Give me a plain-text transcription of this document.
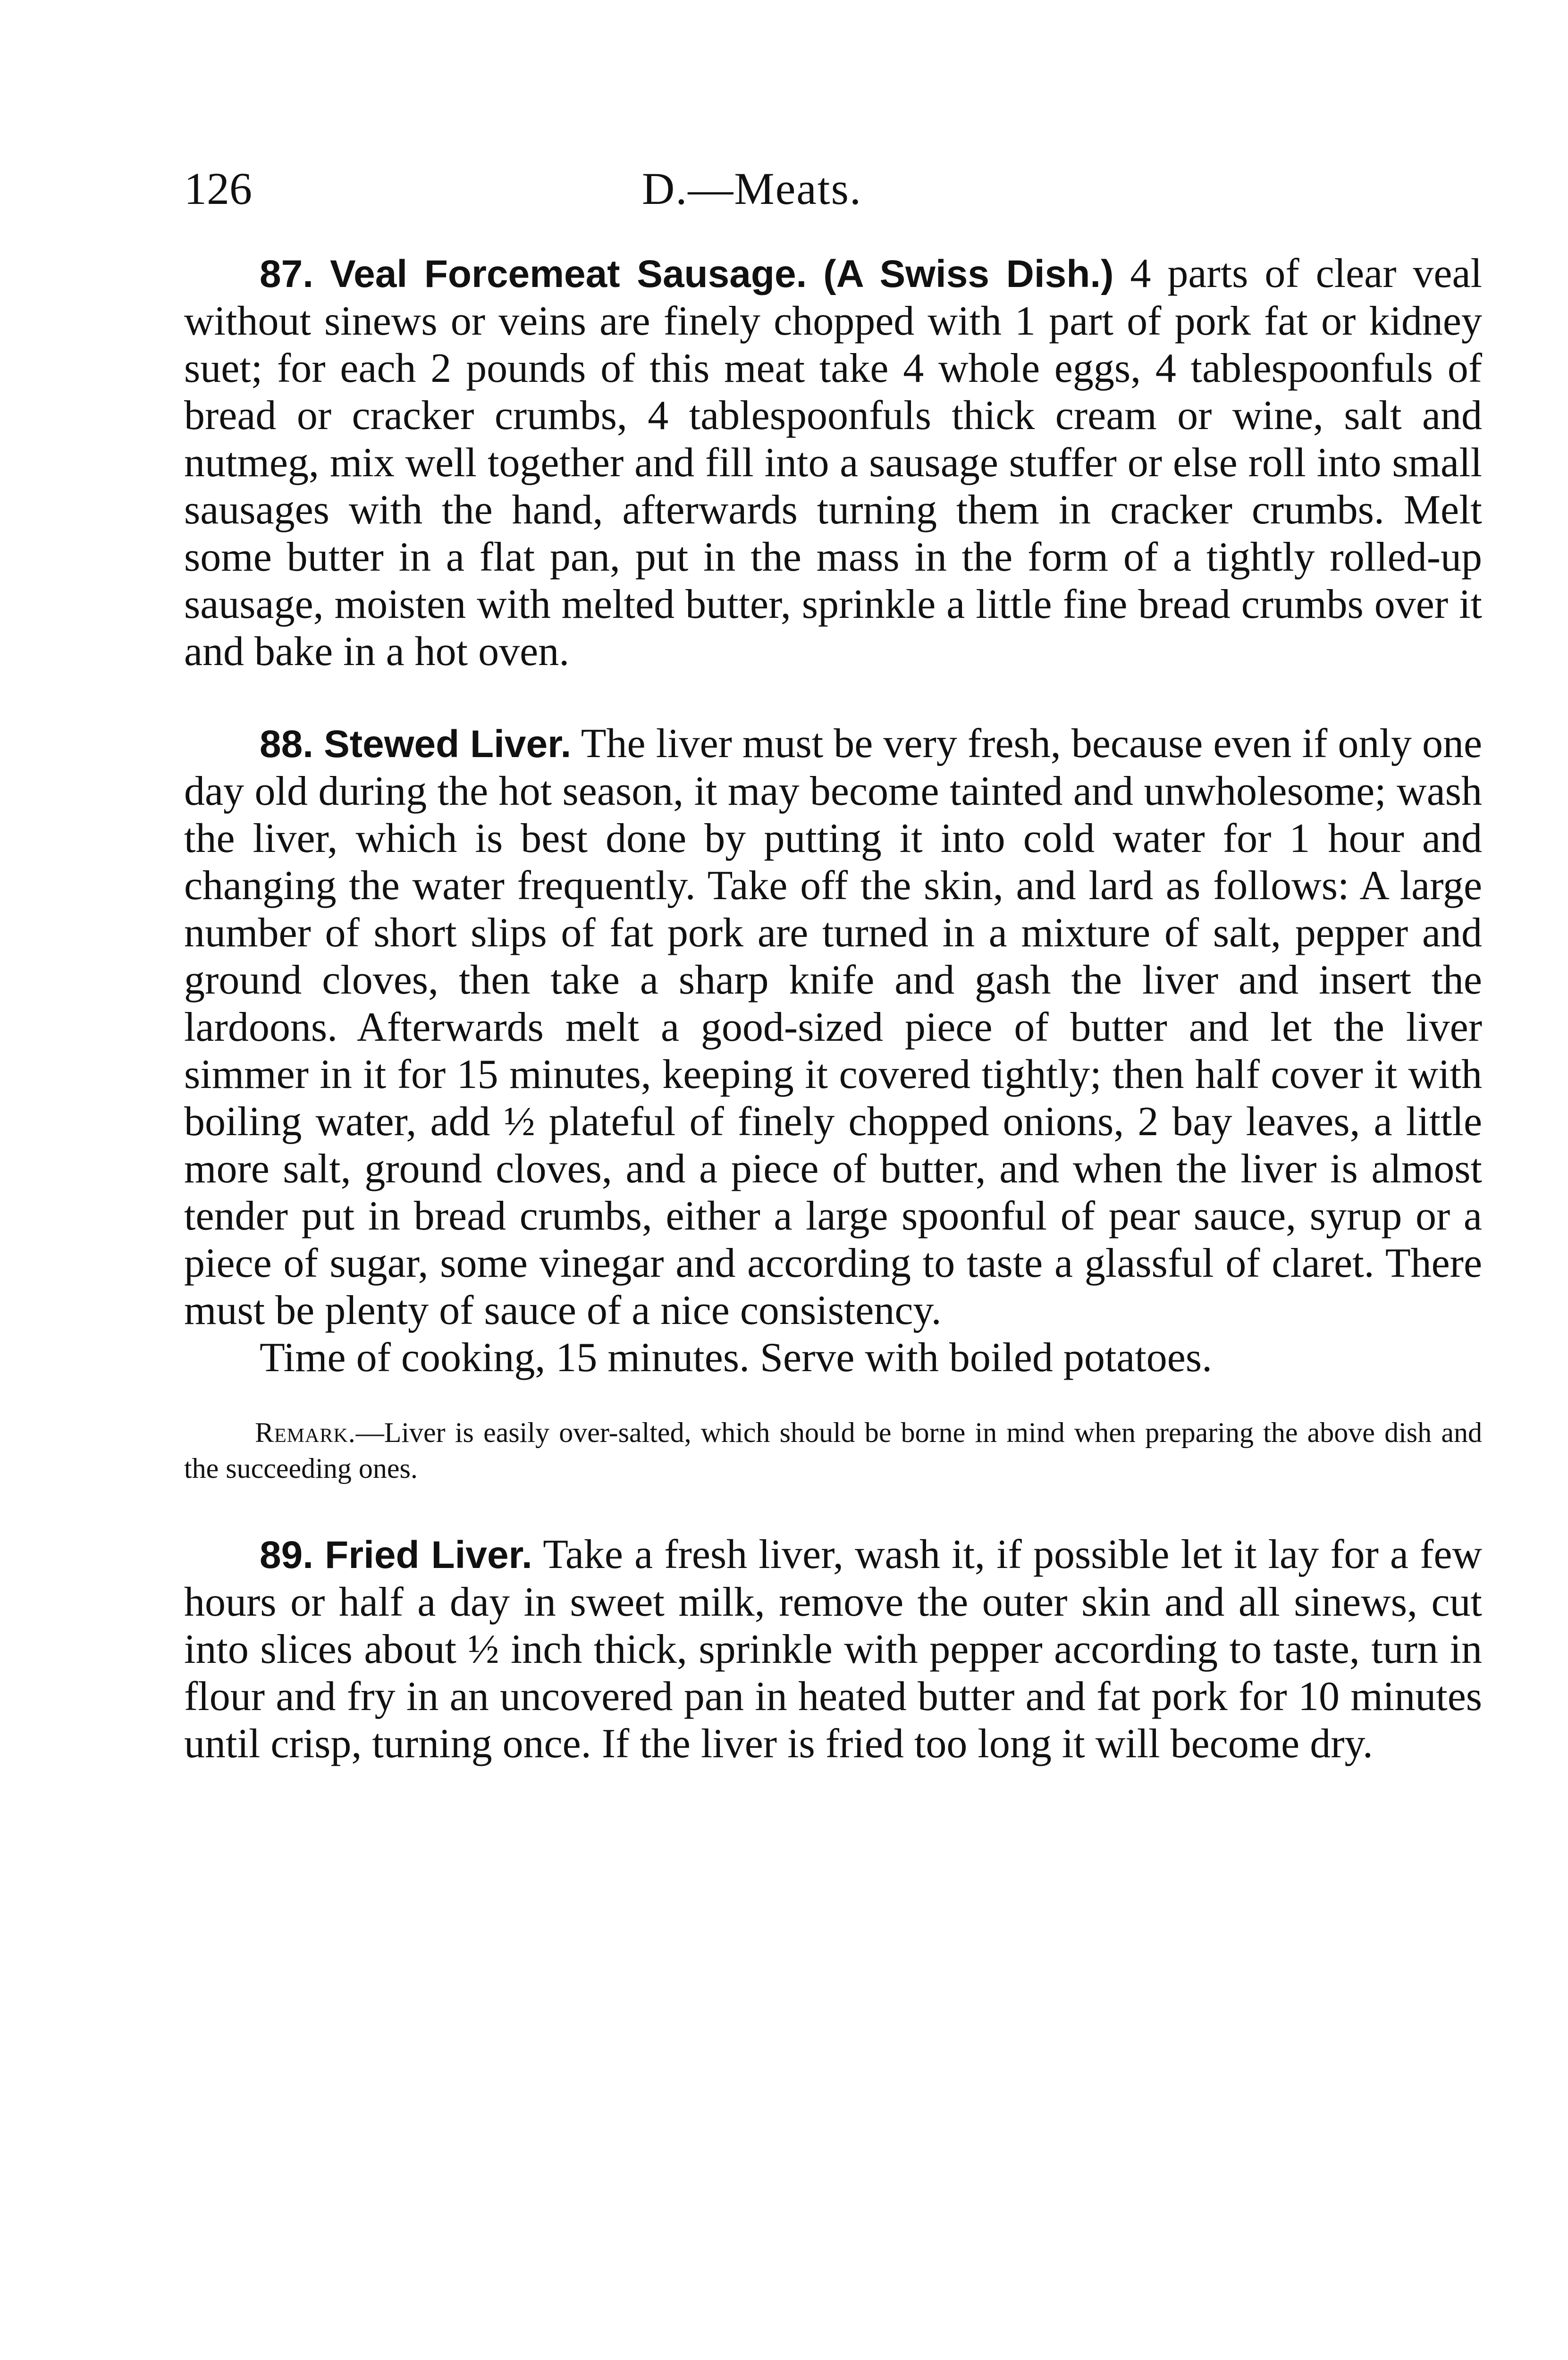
126	D.—Meats.

87. Veal Forcemeat Sausage. (A Swiss Dish.) 4 parts of clear veal without sinews or veins are finely chopped with 1 part of pork fat or kidney suet; for each 2 pounds of this meat take 4 whole eggs, 4 tablespoonfuls of bread or cracker crumbs, 4 tablespoonfuls thick cream or wine, salt and nutmeg, mix well together and fill into a sausage stuffer or else roll into small sausages with the hand, afterwards turning them in cracker crumbs. Melt some butter in a flat pan, put in the mass in the form of a tightly rolled-up sausage, moisten with melted butter, sprinkle a little fine bread crumbs over it and bake in a hot oven.

88. Stewed Liver. The liver must be very fresh, because even if only one day old during the hot season, it may become tainted and unwholesome; wash the liver, which is best done by putting it into cold water for 1 hour and changing the water frequently. Take off the skin, and lard as follows: A large number of short slips of fat pork are turned in a mixture of salt, pepper and ground cloves, then take a sharp knife and gash the liver and insert the lardoons. Afterwards melt a good-sized piece of butter and let the liver simmer in it for 15 minutes, keeping it covered tightly; then half cover it with boiling water, add ½ plateful of finely chopped onions, 2 bay leaves, a little more salt, ground cloves, and a piece of butter, and when the liver is almost tender put in bread crumbs, either a large spoonful of pear sauce, syrup or a piece of sugar, some vinegar and according to taste a glassful of claret. There must be plenty of sauce of a nice consistency.

Time of cooking, 15 minutes. Serve with boiled potatoes.

Remark.—Liver is easily over-salted, which should be borne in mind when preparing the above dish and the succeeding ones.

89. Fried Liver. Take a fresh liver, wash it, if possible let it lay for a few hours or half a day in sweet milk, remove the outer skin and all sinews, cut into slices about ½ inch thick, sprinkle with pepper according to taste, turn in flour and fry in an uncovered pan in heated butter and fat pork for 10 minutes until crisp, turning once. If the liver is fried too long it will become dry.
